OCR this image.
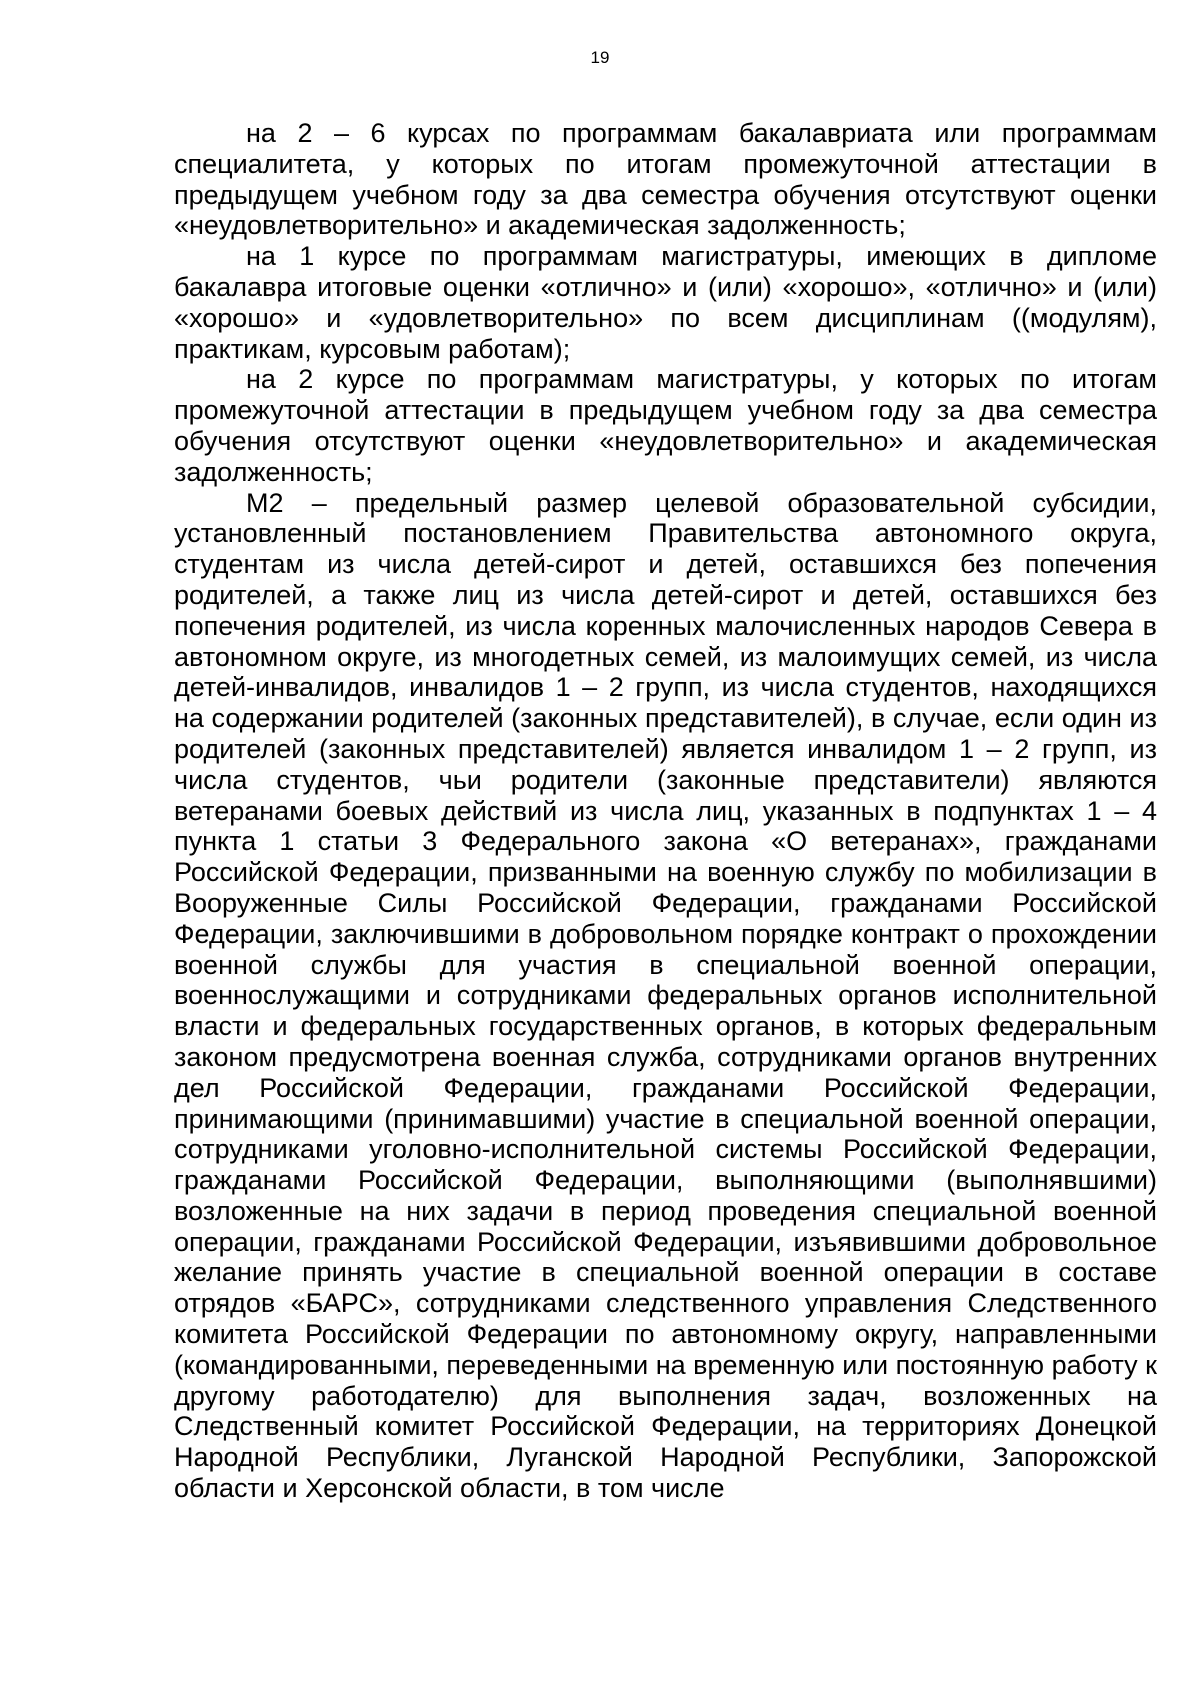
19

на 2 – 6 курсах по программам бакалавриата или программам специалитета, у которых по итогам промежуточной аттестации в предыдущем учебном году за два семестра обучения отсутствуют оценки «неудовлетворительно» и академическая задолженность;

на 1 курсе по программам магистратуры, имеющих в дипломе бакалавра итоговые оценки «отлично» и (или) «хорошо», «отлично» и (или) «хорошо» и «удовлетворительно» по всем дисциплинам ((модулям), практикам, курсовым работам);

на 2 курсе по программам магистратуры, у которых по итогам промежуточной аттестации в предыдущем учебном году за два семестра обучения отсутствуют оценки «неудовлетворительно» и академическая задолженность;

M2 – предельный размер целевой образовательной субсидии, установленный постановлением Правительства автономного округа, студентам из числа детей-сирот и детей, оставшихся без попечения родителей, а также лиц из числа детей-сирот и детей, оставшихся без попечения родителей, из числа коренных малочисленных народов Севера в автономном округе, из многодетных семей, из малоимущих семей, из числа детей-инвалидов, инвалидов 1 – 2 групп, из числа студентов, находящихся на содержании родителей (законных представителей), в случае, если один из родителей (законных представителей) является инвалидом 1 – 2 групп, из числа студентов, чьи родители (законные представители) являются ветеранами боевых действий из числа лиц, указанных в подпунктах 1 – 4 пункта 1 статьи 3 Федерального закона «О ветеранах», гражданами Российской Федерации, призванными на военную службу по мобилизации в Вооруженные Силы Российской Федерации, гражданами Российской Федерации, заключившими в добровольном порядке контракт о прохождении военной службы для участия в специальной военной операции, военнослужащими и сотрудниками федеральных органов исполнительной власти и федеральных государственных органов, в которых федеральным законом предусмотрена военная служба, сотрудниками органов внутренних дел Российской Федерации, гражданами Российской Федерации, принимающими (принимавшими) участие в специальной военной операции, сотрудниками уголовно-исполнительной системы Российской Федерации, гражданами Российской Федерации, выполняющими (выполнявшими) возложенные на них задачи в период проведения специальной военной операции, гражданами Российской Федерации, изъявившими добровольное желание принять участие в специальной военной операции в составе отрядов «БАРС», сотрудниками следственного управления Следственного комитета Российской Федерации по автономному округу, направленными (командированными, переведенными на временную или постоянную работу к другому работодателю) для выполнения задач, возложенных на Следственный комитет Российской Федерации, на территориях Донецкой Народной Республики, Луганской Народной Республики, Запорожской области и Херсонской области, в том числе
